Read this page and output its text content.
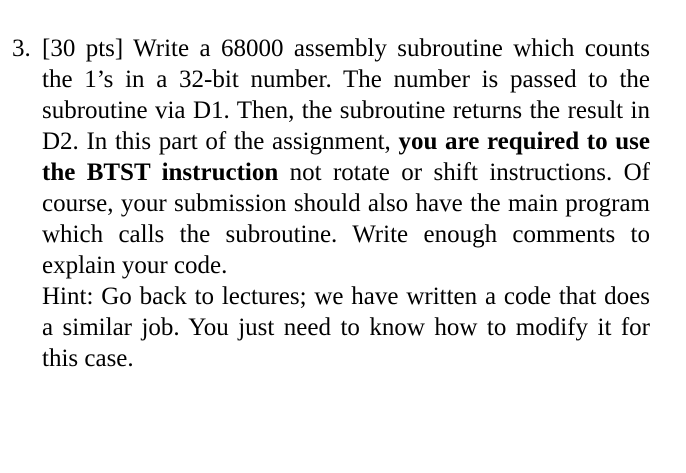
3. [30 pts] Write a 68000 assembly subroutine which counts the 1’s in a 32-bit number. The number is passed to the subroutine via D1. Then, the subroutine returns the result in D2. In this part of the assignment, you are required to use the BTST instruction not rotate or shift instructions. Of course, your submission should also have the main program which calls the subroutine. Write enough comments to explain your code.

Hint: Go back to lectures; we have written a code that does a similar job. You just need to know how to modify it for this case.
